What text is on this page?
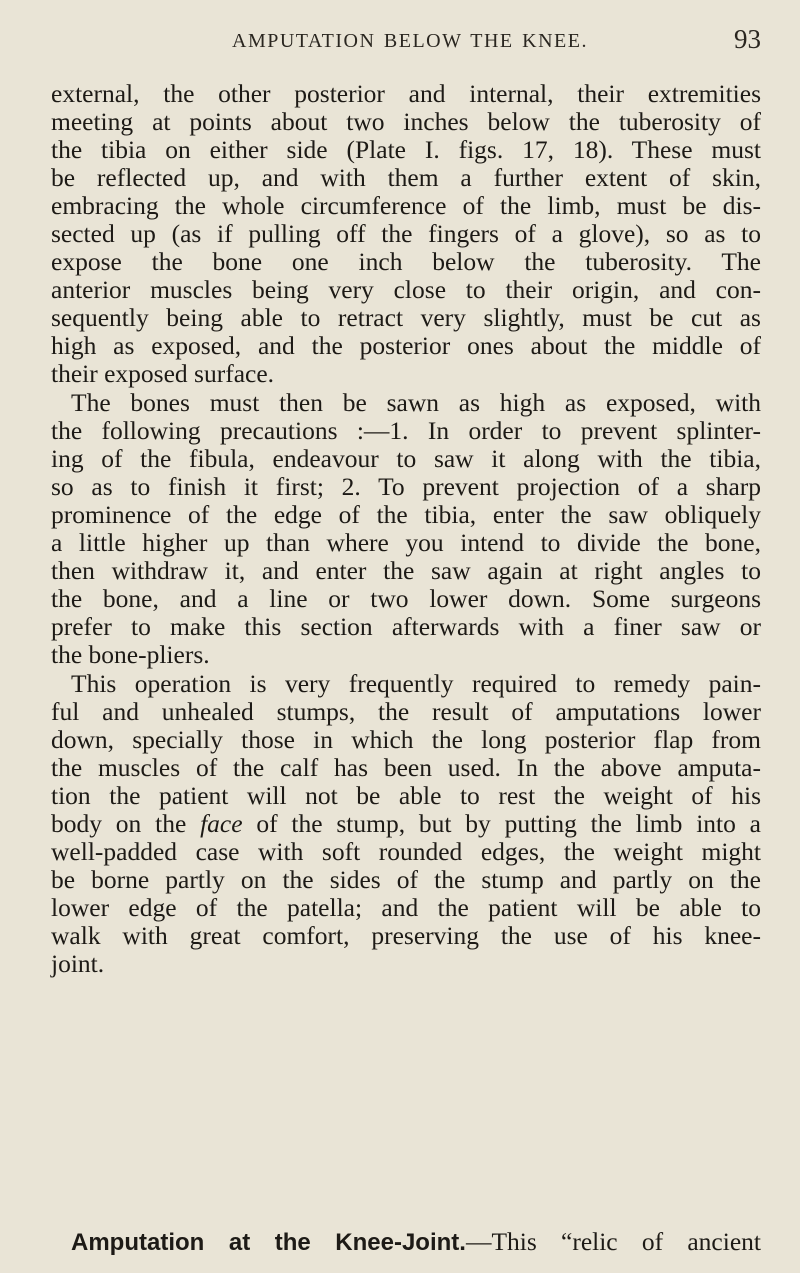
AMPUTATION BELOW THE KNEE.	93
external, the other posterior and internal, their extremities
meeting at points about two inches below the tuberosity of
the tibia on either side (Plate I. figs. 17, 18). These must
be reflected up, and with them a further extent of skin,
embracing the whole circumference of the limb, must be dis-
sected up (as if pulling off the fingers of a glove), so as to
expose the bone one inch below the tuberosity. The
anterior muscles being very close to their origin, and con-
sequently being able to retract very slightly, must be cut as
high as exposed, and the posterior ones about the middle of
their exposed surface.
The bones must then be sawn as high as exposed, with
the following precautions :—1. In order to prevent splinter-
ing of the fibula, endeavour to saw it along with the tibia,
so as to finish it first; 2. To prevent projection of a sharp
prominence of the edge of the tibia, enter the saw obliquely
a little higher up than where you intend to divide the bone,
then withdraw it, and enter the saw again at right angles to
the bone, and a line or two lower down. Some surgeons
prefer to make this section afterwards with a finer saw or
the bone-pliers.
This operation is very frequently required to remedy pain-
ful and unhealed stumps, the result of amputations lower
down, specially those in which the long posterior flap from
the muscles of the calf has been used. In the above amputa-
tion the patient will not be able to rest the weight of his
body on the face of the stump, but by putting the limb into a
well-padded case with soft rounded edges, the weight might
be borne partly on the sides of the stump and partly on the
lower edge of the patella; and the patient will be able to
walk with great comfort, preserving the use of his knee-
joint.
Amputation at the Knee-Joint.—This “relic of ancient
